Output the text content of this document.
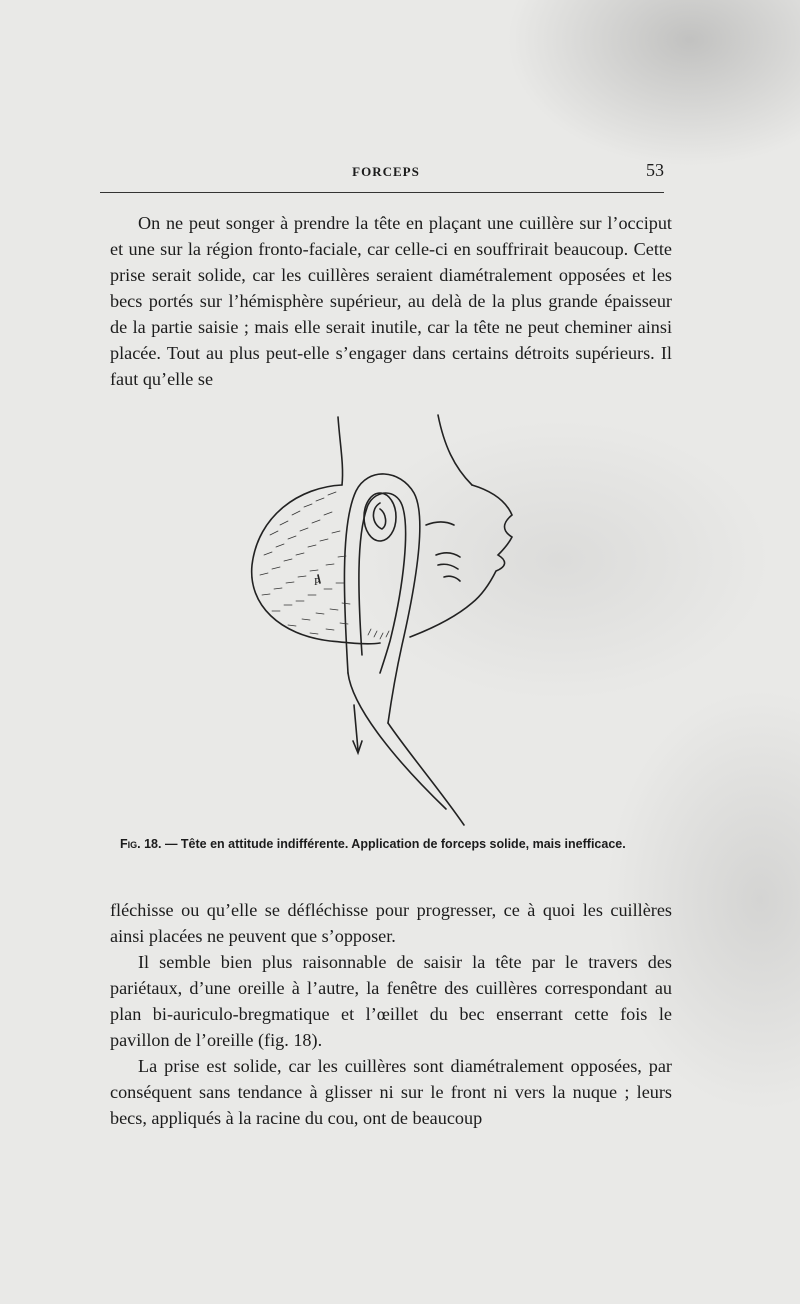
FORCEPS	53

On ne peut songer à prendre la tête en plaçant une cuillère sur l’occiput et une sur la région fronto-faciale, car celle-ci en souffrirait beaucoup. Cette prise serait solide, car les cuillères seraient diamétralement opposées et les becs portés sur l’hémisphère supérieur, au delà de la plus grande épaisseur de la partie saisie ; mais elle serait inutile, car la tête ne peut cheminer ainsi placée. Tout au plus peut-elle s’engager dans certains détroits supérieurs. Il faut qu’elle se

P
Fig. 18. — Tête en attitude indifférente. Application de forceps solide, mais inefficace.

fléchisse ou qu’elle se défléchisse pour progresser, ce à quoi les cuillères ainsi placées ne peuvent que s’opposer.

Il semble bien plus raisonnable de saisir la tête par le travers des pariétaux, d’une oreille à l’autre, la fenêtre des cuillères correspondant au plan bi-auriculo-bregmatique et l’œillet du bec enserrant cette fois le pavillon de l’oreille (fig. 18).

La prise est solide, car les cuillères sont diamétralement opposées, par conséquent sans tendance à glisser ni sur le front ni vers la nuque ; leurs becs, appliqués à la racine du cou, ont de beaucoup
